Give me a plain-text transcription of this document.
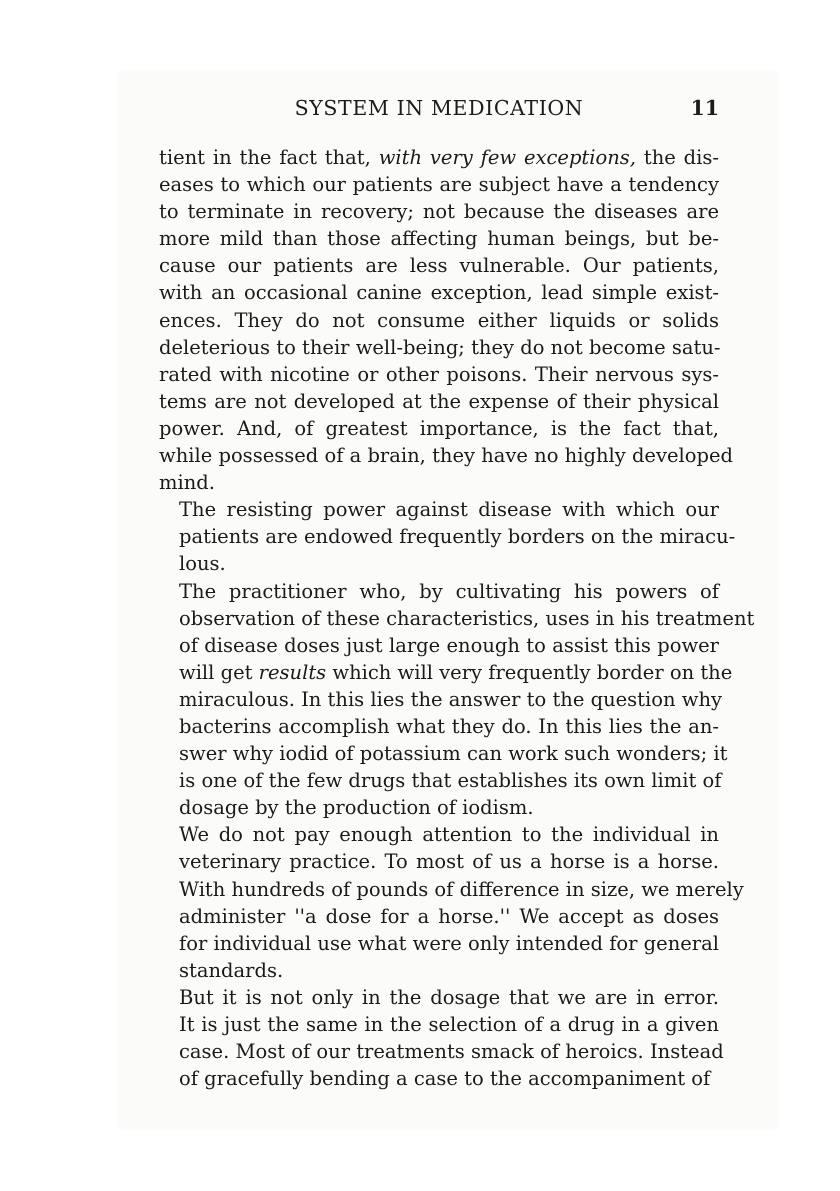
SYSTEM IN MEDICATION	11

tient in the fact that, with very few exceptions, the dis-
eases to which our patients are subject have a tendency
to terminate in recovery; not because the diseases are
more mild than those affecting human beings, but be-
cause our patients are less vulnerable. Our patients,
with an occasional canine exception, lead simple exist-
ences. They do not consume either liquids or solids
deleterious to their well-being; they do not become satu-
rated with nicotine or other poisons. Their nervous sys-
tems are not developed at the expense of their physical
power. And, of greatest importance, is the fact that,
while possessed of a brain, they have no highly developed
mind.

The resisting power against disease with which our
patients are endowed frequently borders on the miracu-
lous.

The practitioner who, by cultivating his powers of
observation of these characteristics, uses in his treatment
of disease doses just large enough to assist this power
will get results which will very frequently border on the
miraculous. In this lies the answer to the question why
bacterins accomplish what they do. In this lies the an-
swer why iodid of potassium can work such wonders; it
is one of the few drugs that establishes its own limit of
dosage by the production of iodism.

We do not pay enough attention to the individual in
veterinary practice. To most of us a horse is a horse.
With hundreds of pounds of difference in size, we merely
administer ''a dose for a horse.'' We accept as doses
for individual use what were only intended for general
standards.

But it is not only in the dosage that we are in error.
It is just the same in the selection of a drug in a given
case. Most of our treatments smack of heroics. Instead
of gracefully bending a case to the accompaniment of
